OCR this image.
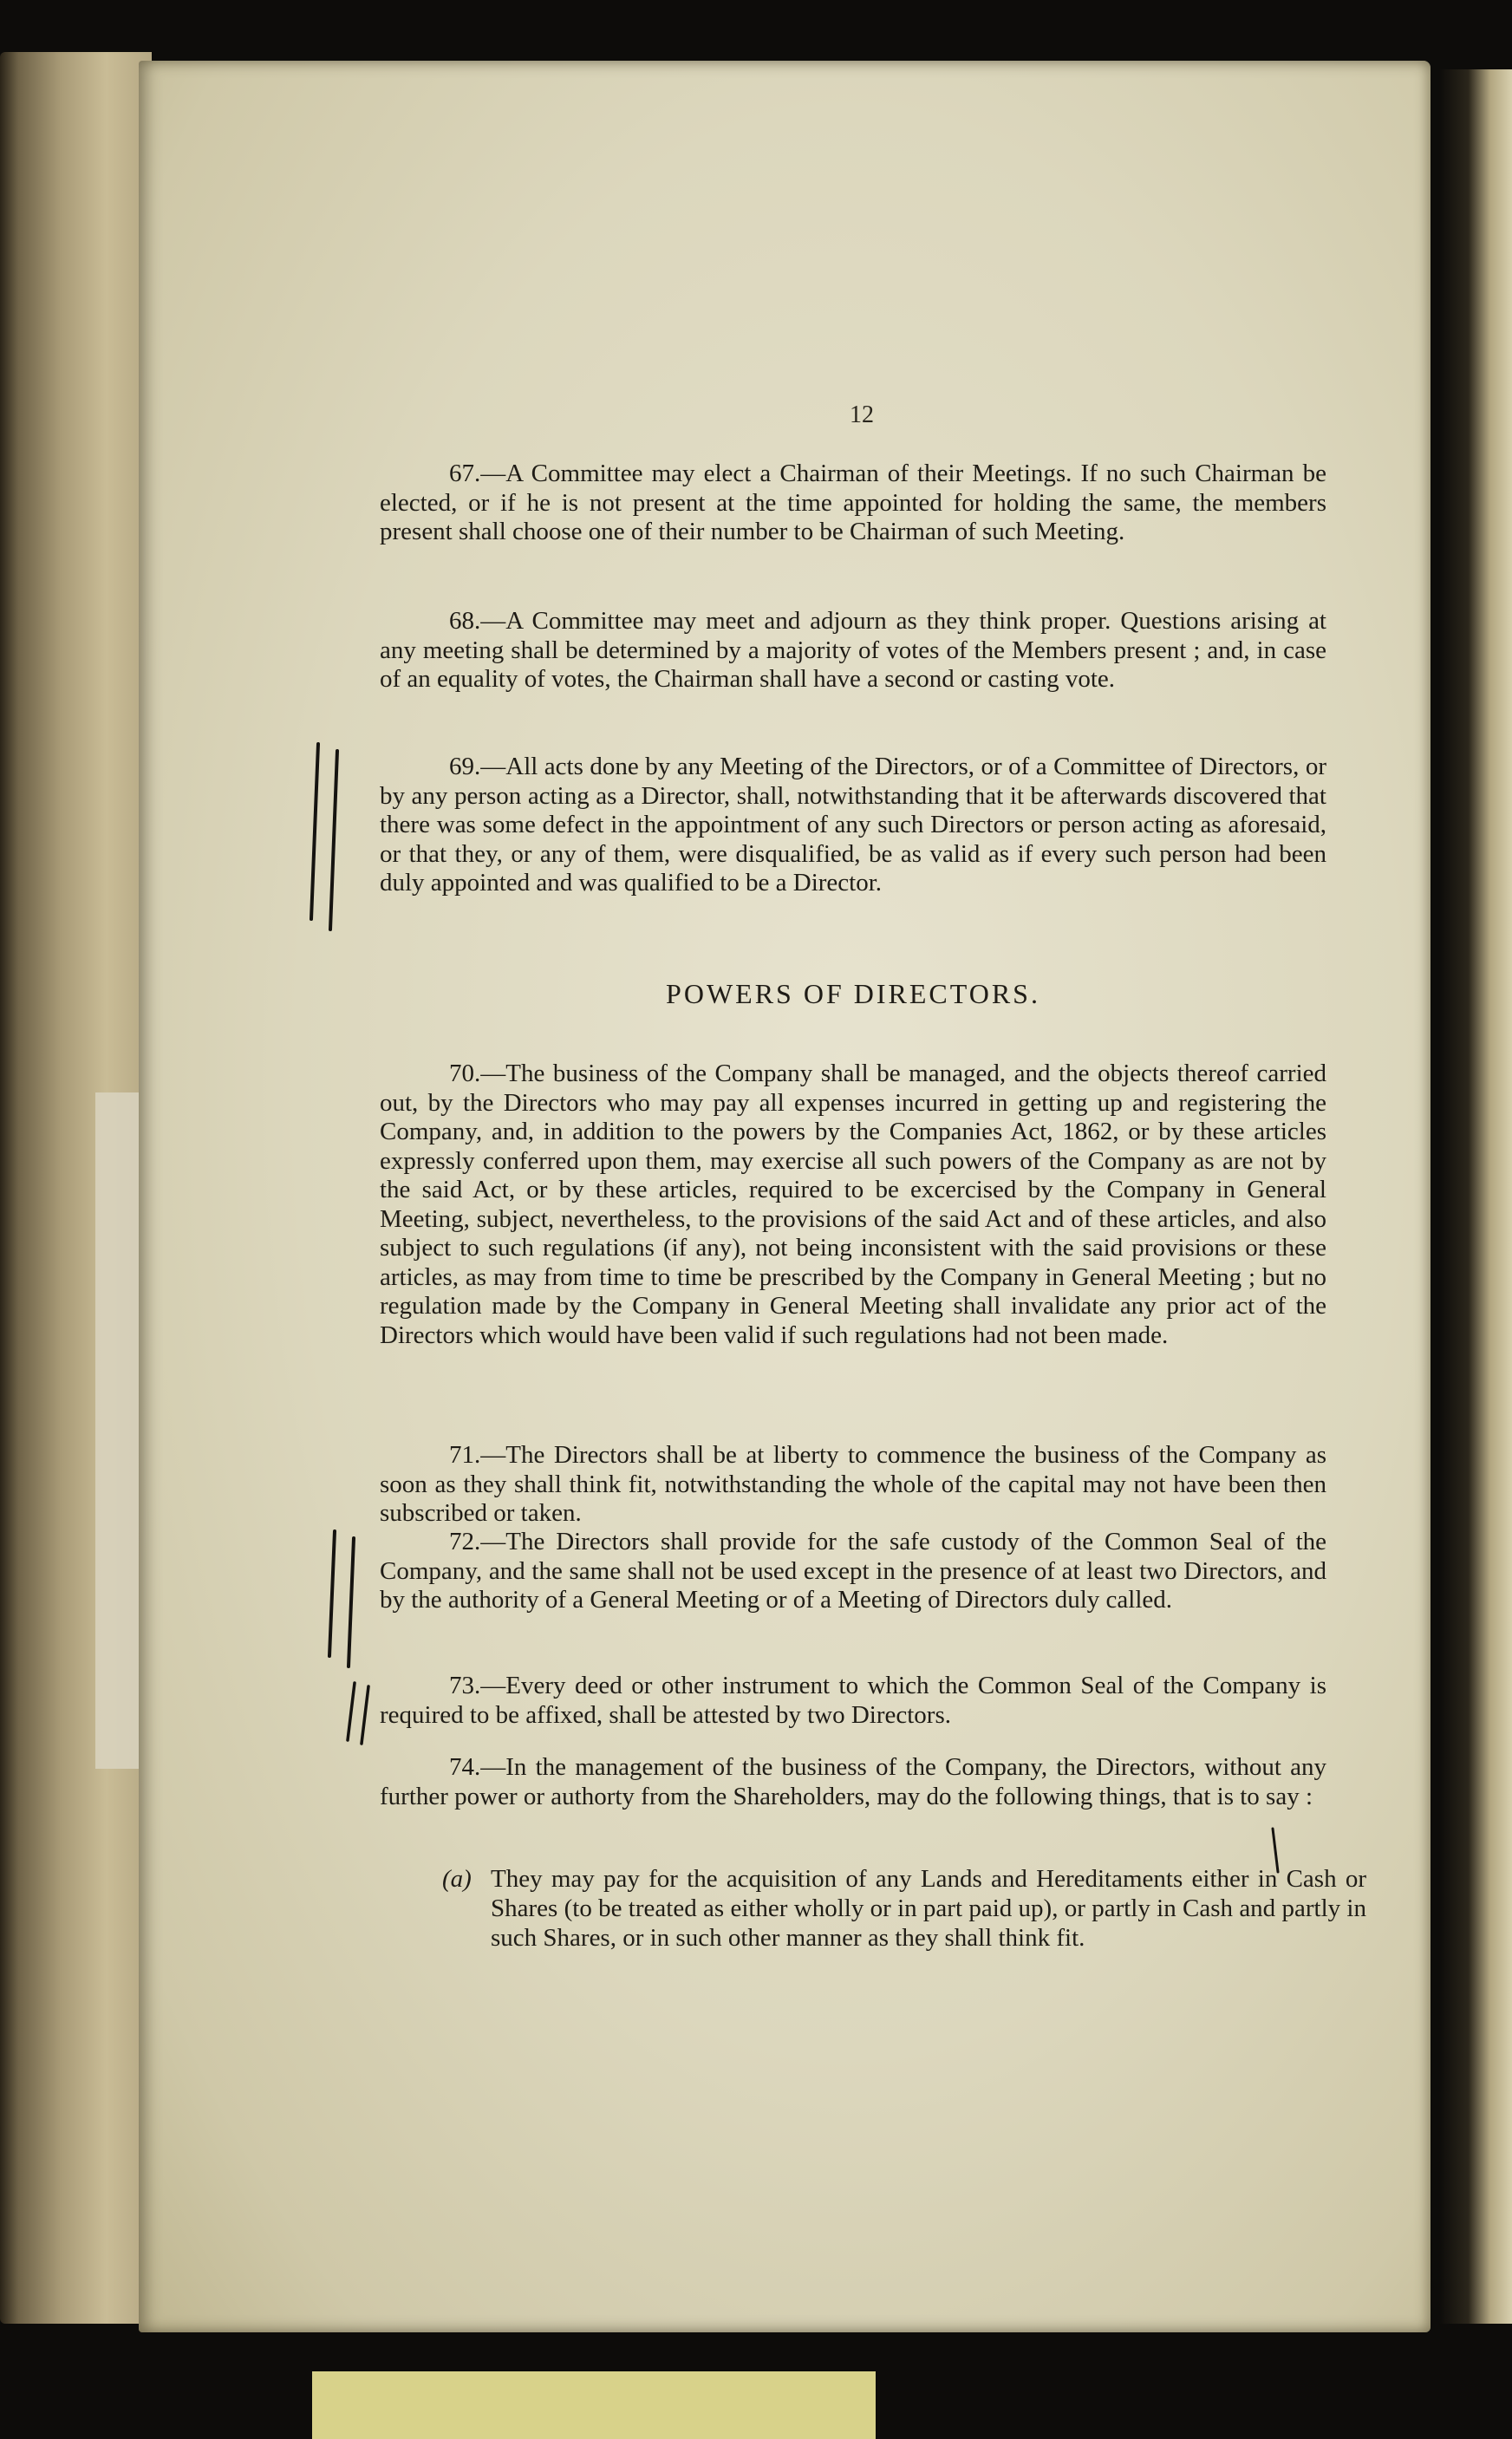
12

67.—A Committee may elect a Chairman of their Meetings. If no such Chairman be elected, or if he is not present at the time appointed for holding the same, the members present shall choose one of their number to be Chairman of such Meeting.

68.—A Committee may meet and adjourn as they think proper. Questions arising at any meeting shall be determined by a majority of votes of the Members present ; and, in case of an equality of votes, the Chairman shall have a second or casting vote.

69.—All acts done by any Meeting of the Directors, or of a Committee of Directors, or by any person acting as a Director, shall, notwithstanding that it be afterwards discovered that there was some defect in the appointment of any such Directors or person acting as aforesaid, or that they, or any of them, were disqualified, be as valid as if every such person had been duly appointed and was qualified to be a Director.

POWERS OF DIRECTORS.

70.—The business of the Company shall be managed, and the objects thereof carried out, by the Directors who may pay all expenses incurred in getting up and registering the Company, and, in addition to the powers by the Companies Act, 1862, or by these articles expressly conferred upon them, may exercise all such powers of the Company as are not by the said Act, or by these articles, required to be excercised by the Company in General Meeting, subject, nevertheless, to the provisions of the said Act and of these articles, and also subject to such regulations (if any), not being inconsistent with the said provisions or these articles, as may from time to time be prescribed by the Company in General Meeting ; but no regulation made by the Company in General Meeting shall invalidate any prior act of the Directors which would have been valid if such regulations had not been made.

71.—The Directors shall be at liberty to commence the business of the Company as soon as they shall think fit, notwithstanding the whole of the capital may not have been then subscribed or taken.

72.—The Directors shall provide for the safe custody of the Common Seal of the Company, and the same shall not be used except in the presence of at least two Directors, and by the authority of a General Meeting or of a Meeting of Directors duly called.

73.—Every deed or other instrument to which the Common Seal of the Company is required to be affixed, shall be attested by two Directors.

74.—In the management of the business of the Company, the Directors, without any further power or authorty from the Shareholders, may do the following things, that is to say :

(a) They may pay for the acquisition of any Lands and Hereditaments either in Cash or Shares (to be treated as either wholly or in part paid up), or partly in Cash and partly in such Shares, or in such other manner as they shall think fit.
